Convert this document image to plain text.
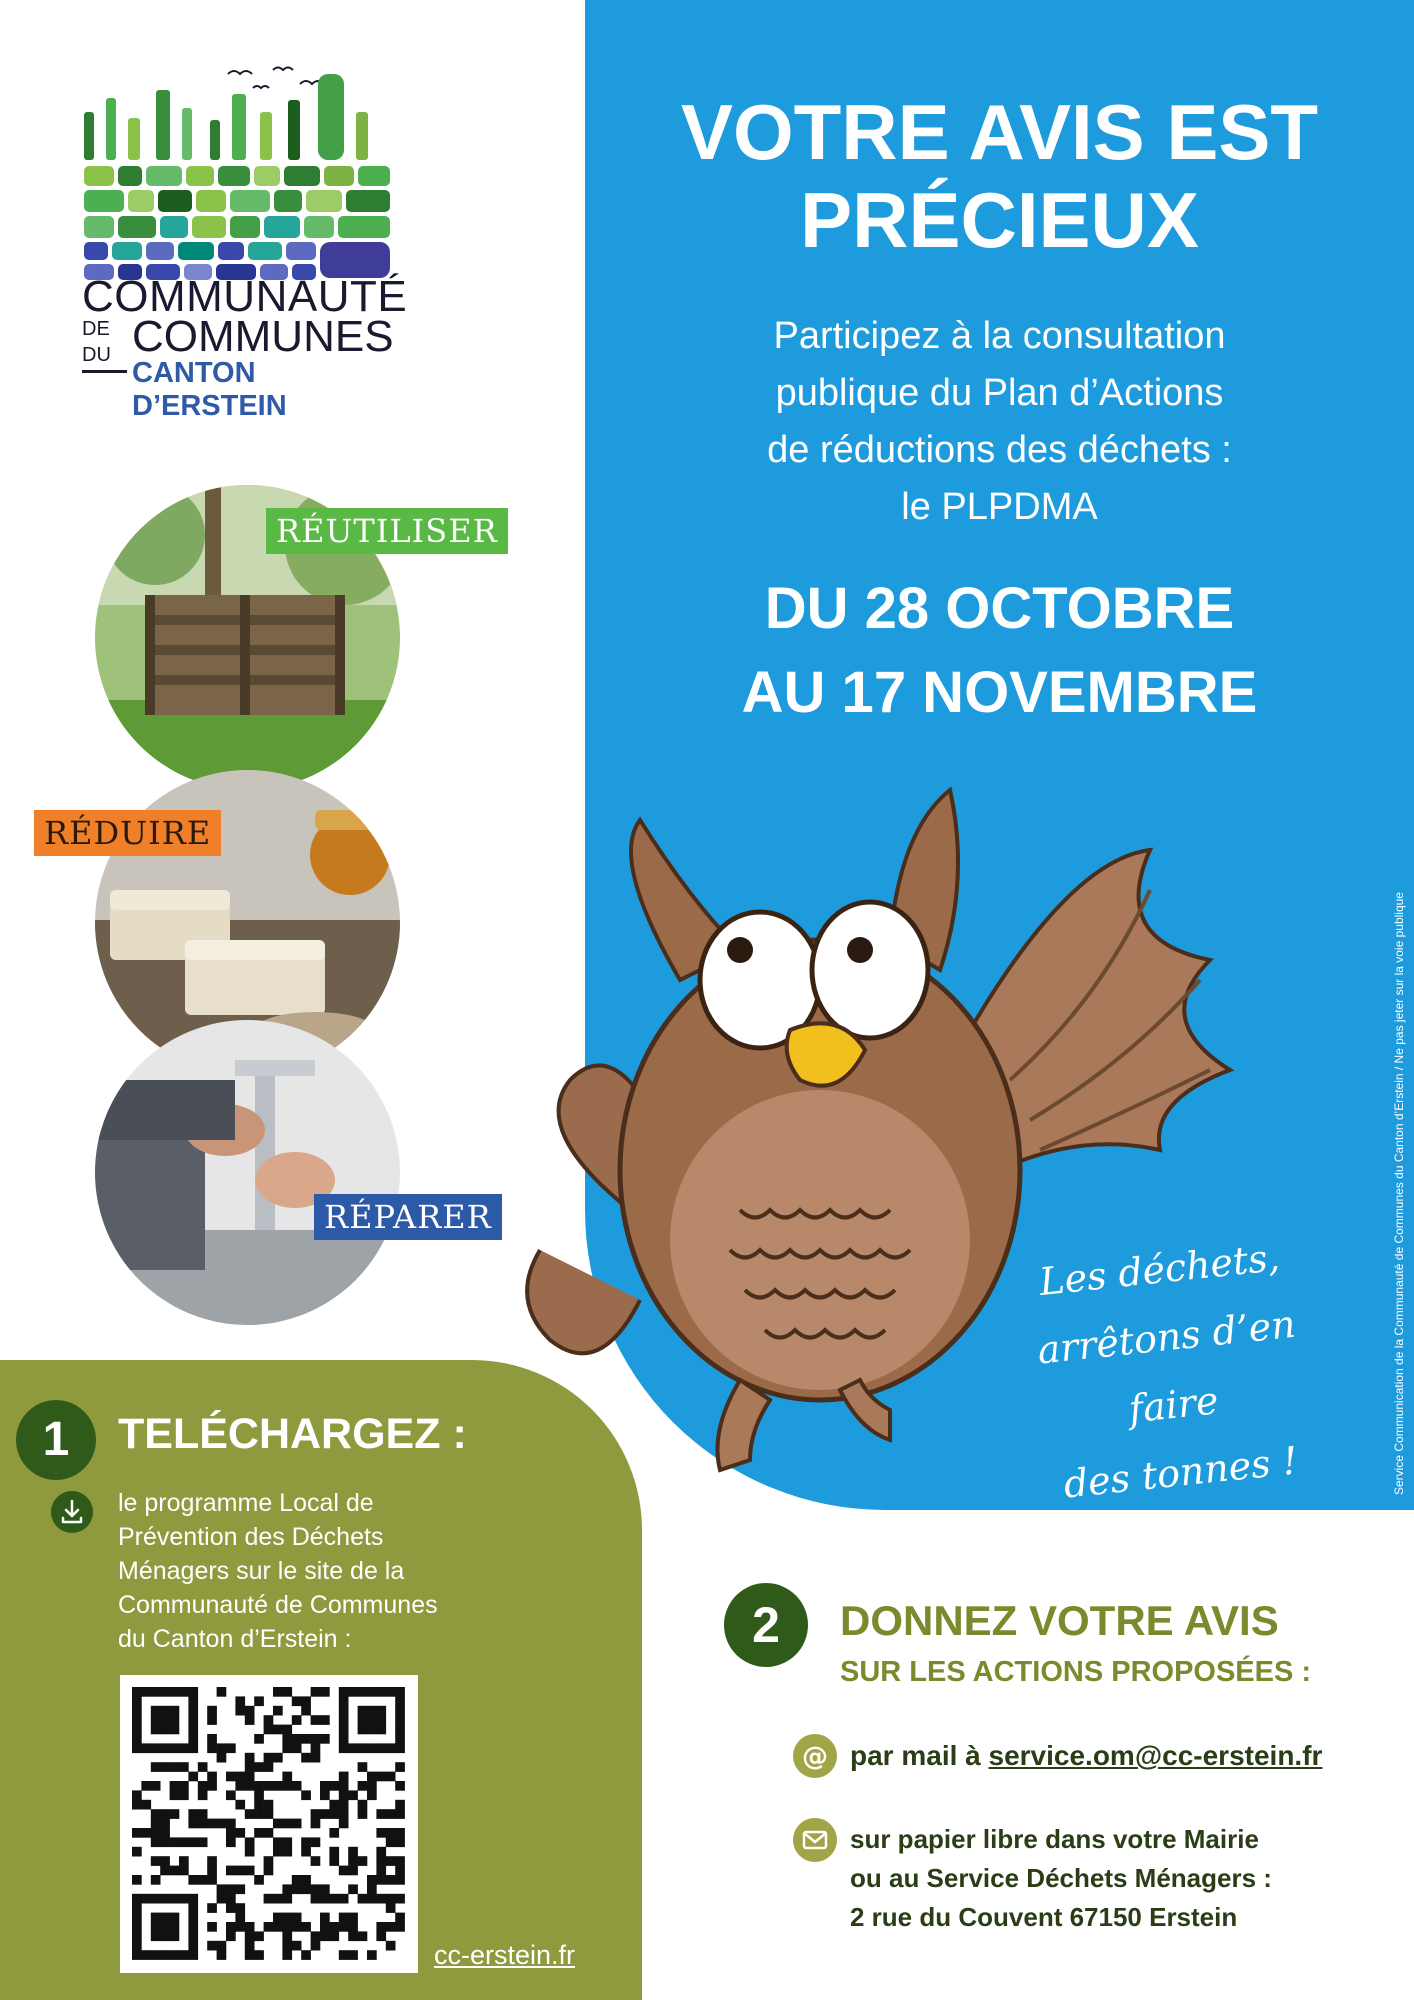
COMMUNAUTÉ
DE COMMUNES
DU
CANTON D’ERSTEIN
VOTRE AVIS EST
PRÉCIEUX
Participez à la consultation
publique du Plan d’Actions
de réductions des déchets :
le PLPDMA
DU 28 OCTOBRE
AU 17 NOVEMBRE
Service Communication de la Communauté de Communes du Canton d’Erstein / Ne pas jeter sur la voie publique
RÉUTILISER
RÉDUIRE
RÉPARER
Les déchets,
arrêtons d’en faire
des tonnes !
1	TELÉCHARGEZ :
le programme Local de
Prévention des Déchets
Ménagers sur le site de la
Communauté de Communes
du Canton d’Erstein :
cc-erstein.fr
2	DONNEZ VOTRE AVIS
SUR LES ACTIONS PROPOSÉES :
@ par mail à service.om@cc-erstein.fr
sur papier libre dans votre Mairie
ou au Service Déchets Ménagers :
2 rue du Couvent 67150 Erstein
